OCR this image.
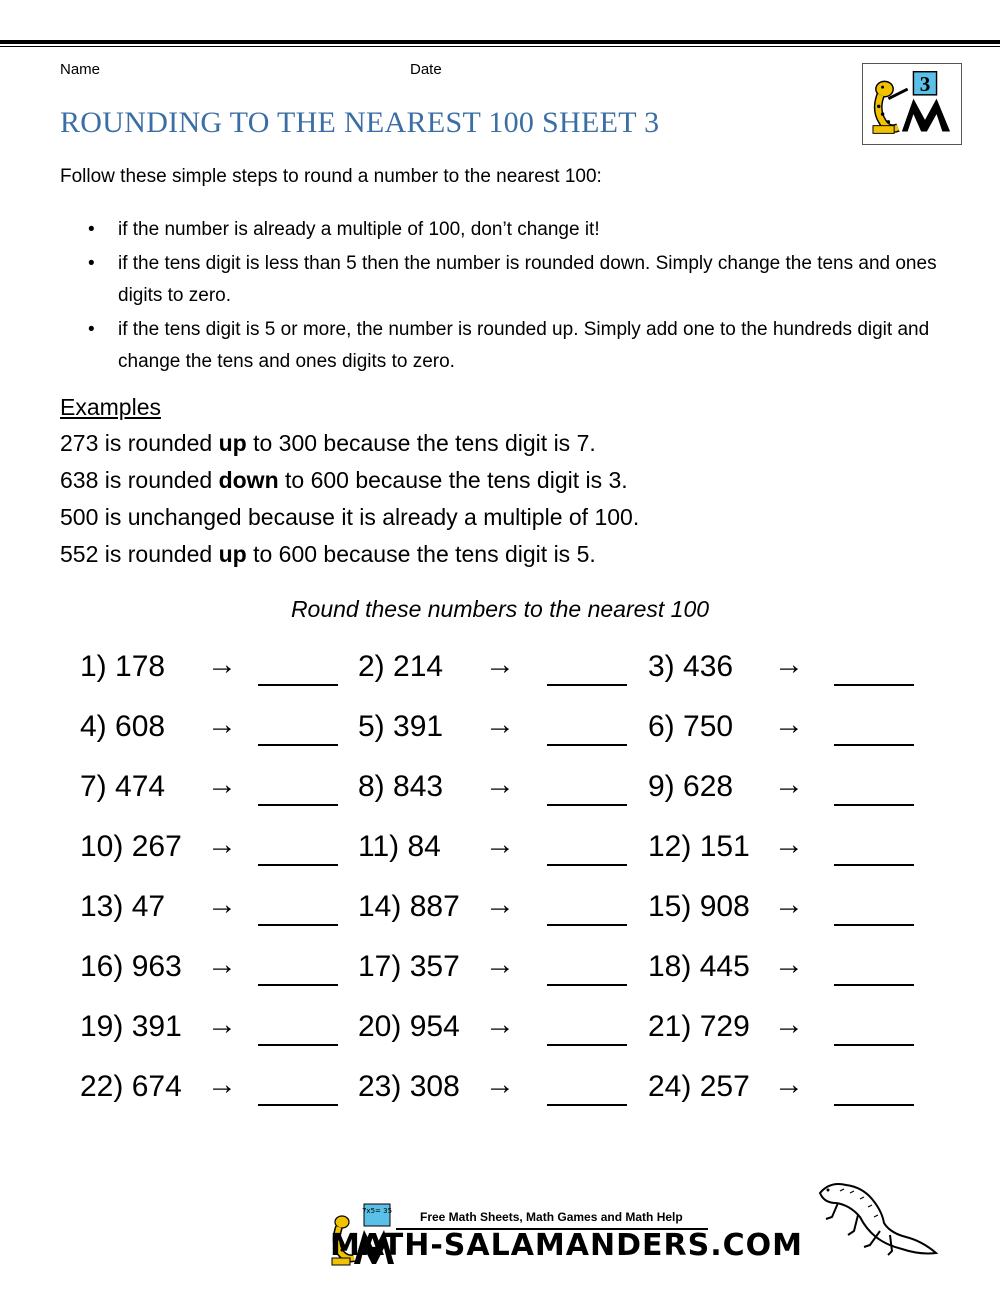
Name	Date
ROUNDING TO THE NEAREST 100 SHEET 3
3
Follow these simple steps to round a number to the nearest 100:
• if the number is already a multiple of 100, don’t change it!
• if the tens digit is less than 5 then the number is rounded down. Simply change the tens and ones digits to zero.
• if the tens digit is 5 or more, the number is rounded up. Simply add one to the hundreds digit and change the tens and ones digits to zero.
Examples
273 is rounded up to 300 because the tens digit is 7.
638 is rounded down to 600 because the tens digit is 3.
500 is unchanged because it is already a multiple of 100.
552 is rounded up to 600 because the tens digit is 5.
Round these numbers to the nearest 100
1) 178 →	2) 214 →	3) 436 →
4) 608 →	5) 391 →	6) 750 →
7) 474 →	8) 843 →	9) 628 →
10) 267 →	11) 84 →	12) 151 →
13) 47 →	14) 887 →	15) 908 →
16) 963 →	17) 357 →	18) 445 →
19) 391 →	20) 954 →	21) 729 →
22) 674 →	23) 308 →	24) 257 →
7x5= 35 Free Math Sheets, Math Games and Math Help
MATH-SALAMANDERS.COM
